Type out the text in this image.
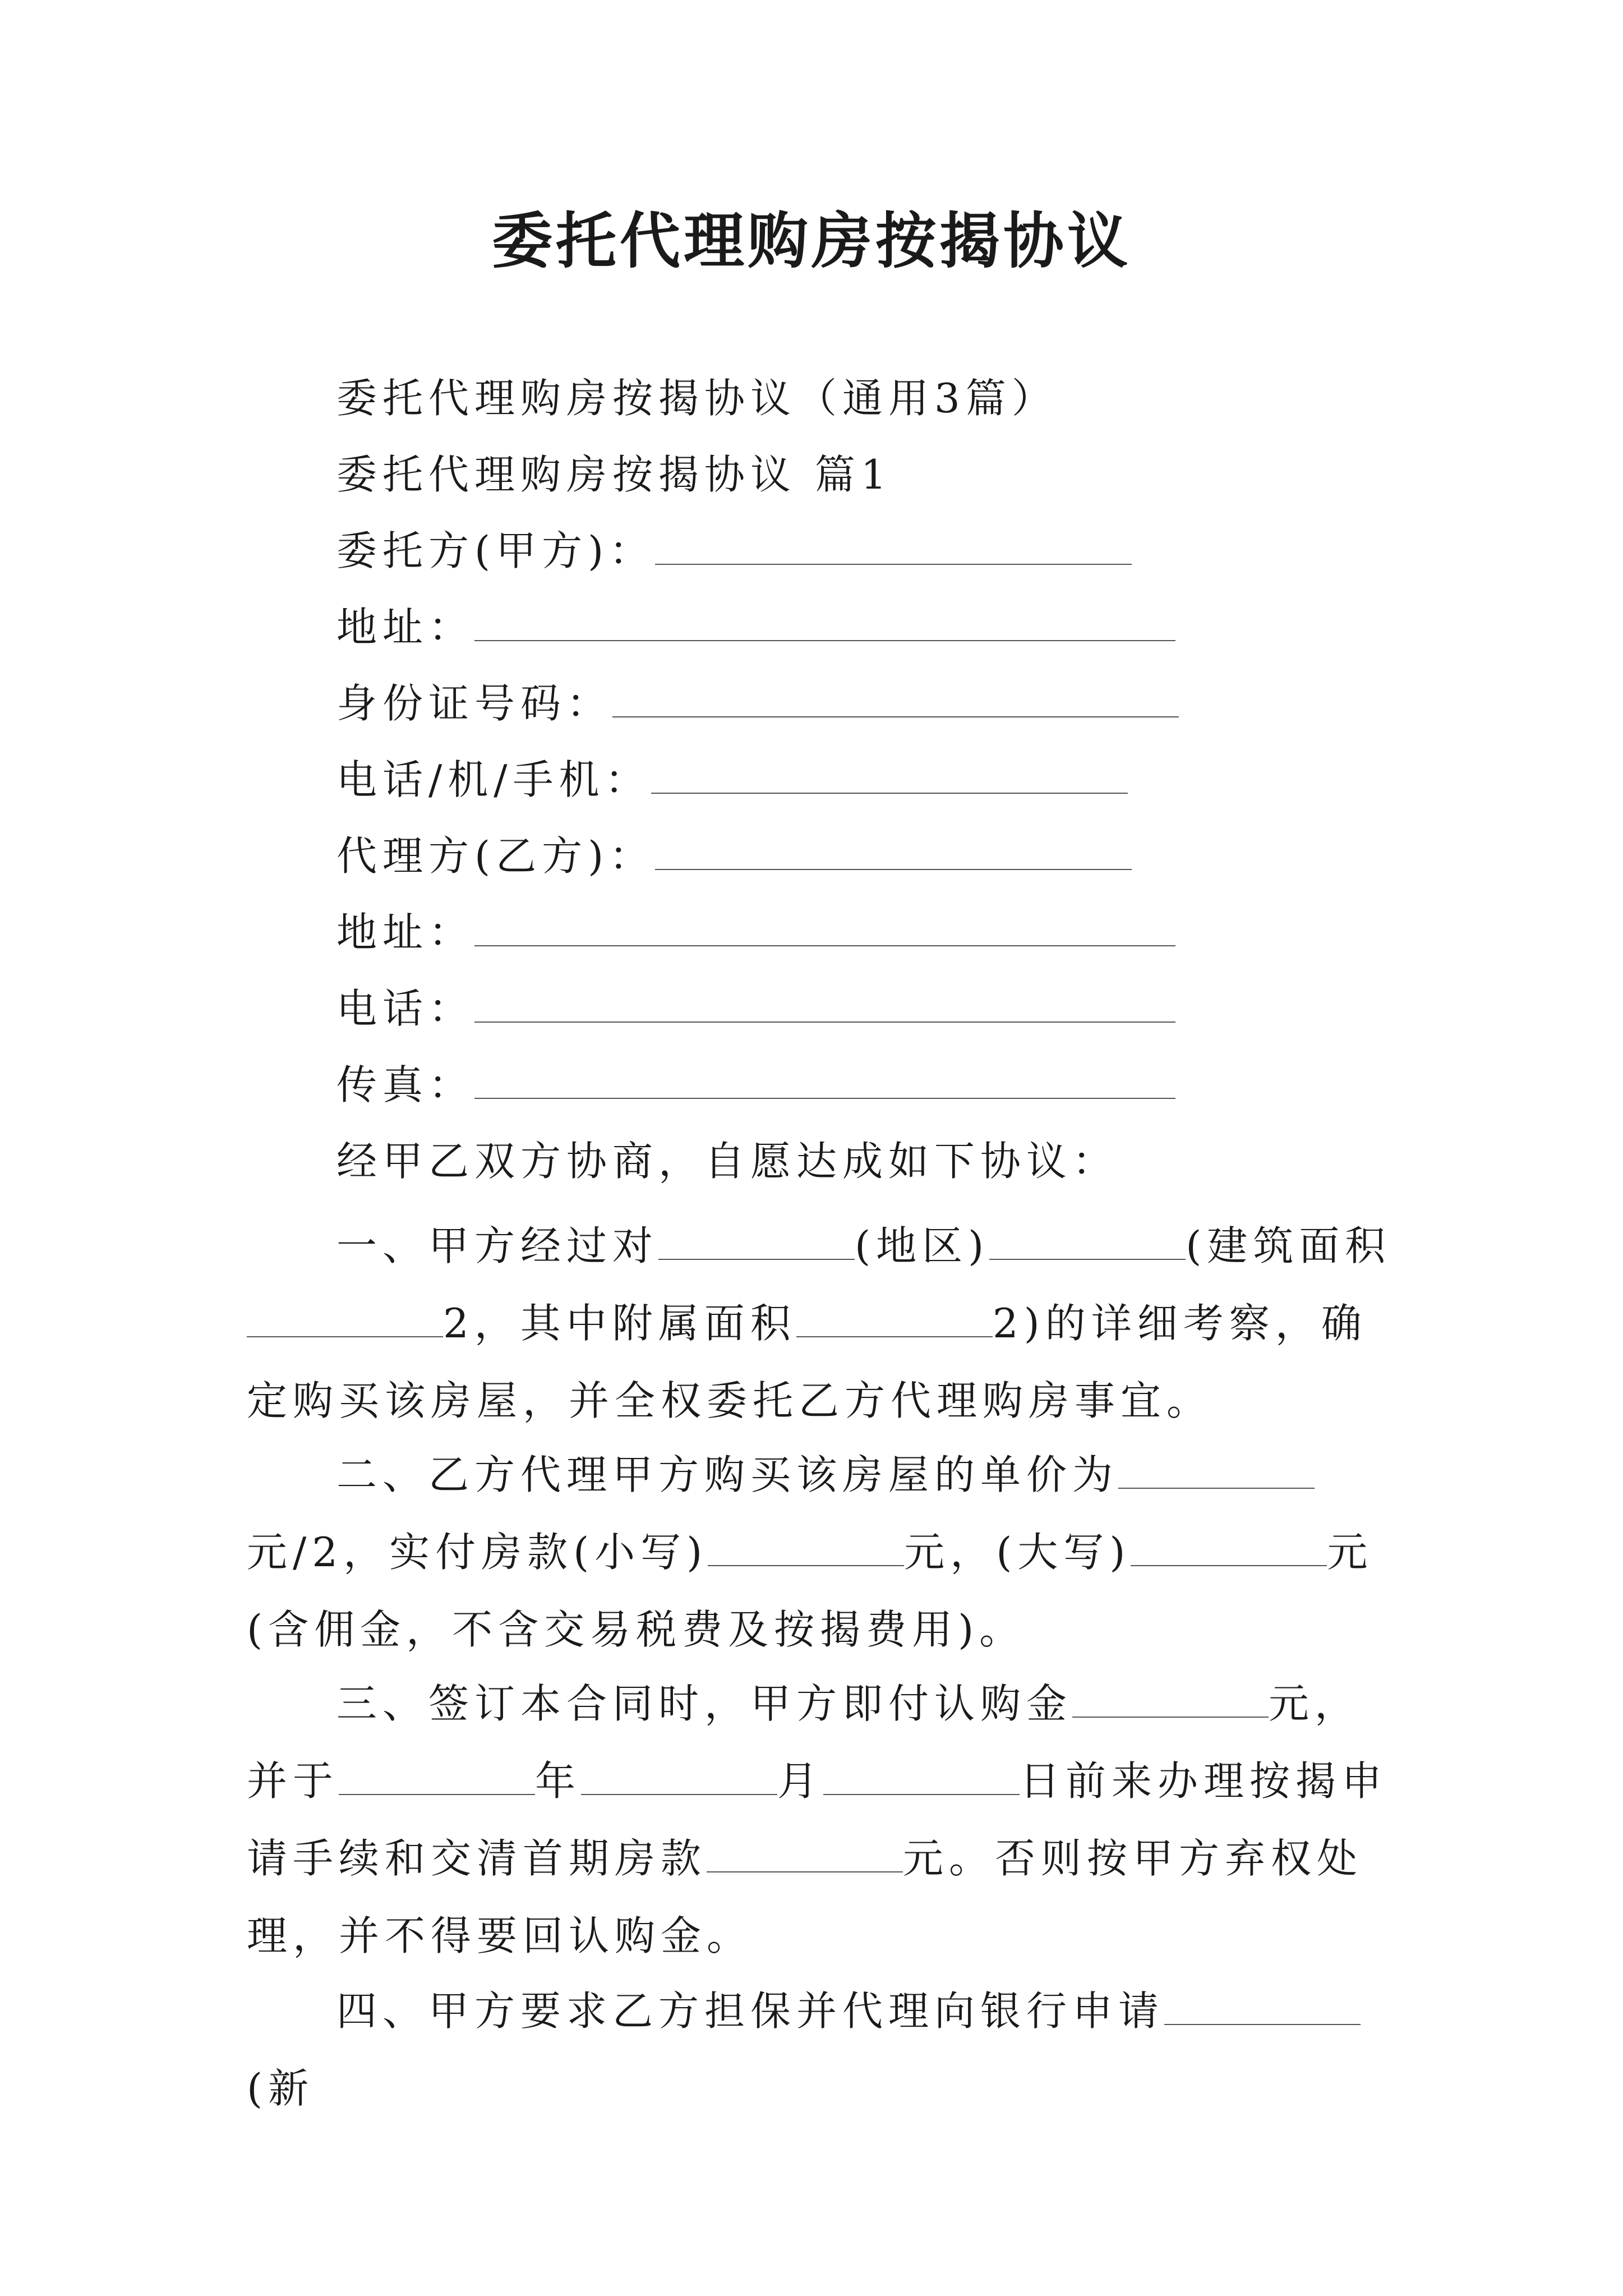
委托代理购房按揭协议
委托代理购房按揭协议（通用3篇）
委托代理购房按揭协议 篇1
委托方(甲方)：
地址：
身份证号码：
电话/机/手机：
代理方(乙方)：
地址：
电话：
传真：
经甲乙双方协商，自愿达成如下协议：
一、甲方经过对	(地区)	(建筑面积2，其中附属面积	2)的详细考察，确定购买该房屋，并全权委托乙方代理购房事宜。
二、乙方代理甲方购买该房屋的单价为元/2，实付房款(小写)	元，(大写)	元(含佣金，不含交易税费及按揭费用)。
三、签订本合同时，甲方即付认购金	元，并于	年	月	日前来办理按揭申请手续和交清首期房款	元。否则按甲方弃权处理，并不得要回认购金。
四、甲方要求乙方担保并代理向银行申请(新
